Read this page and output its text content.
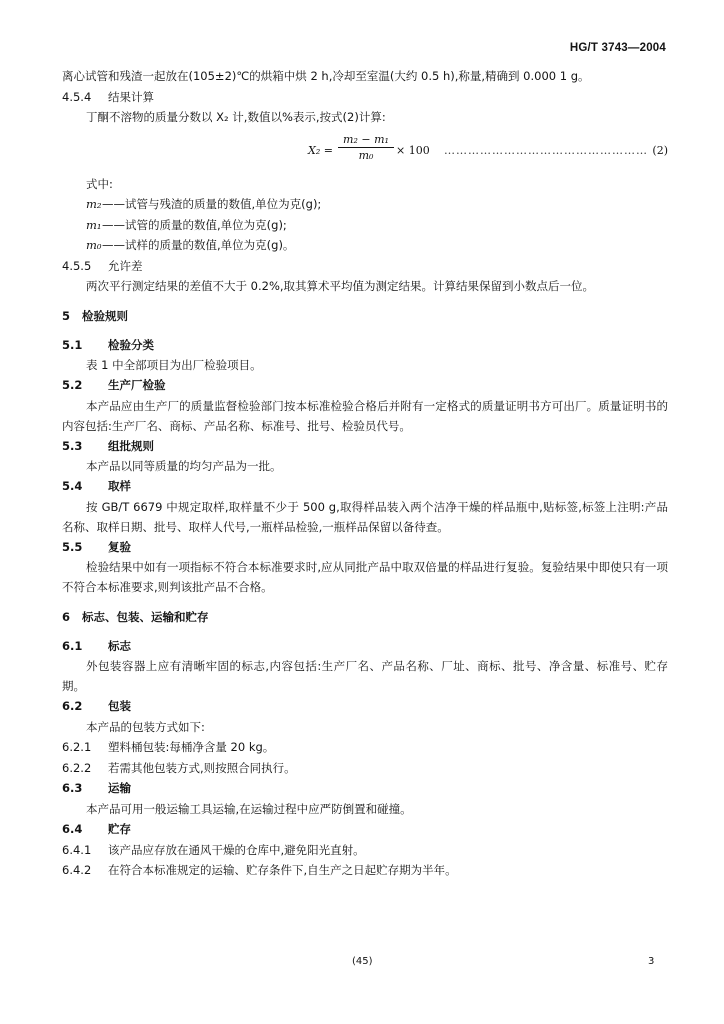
HG/T 3743—2004
离心试管和残渣一起放在(105±2)℃的烘箱中烘 2 h,冷却至室温(大约 0.5 h),称量,精确到 0.000 1 g。
4.5.4 结果计算
丁酮不溶物的质量分数以 X₂ 计,数值以%表示,按式(2)计算:
$X_2 = \frac{\text{m₂ − m₁}}{\text{m₀}} \times 100$ …………………………………………… (2)
式中:
m₂——试管与残渣的质量的数值,单位为克(g);
m₁——试管的质量的数值,单位为克(g);
m₀——试样的质量的数值,单位为克(g)。
4.5.5 允许差
两次平行测定结果的差值不大于 0.2%,取其算术平均值为测定结果。计算结果保留到小数点后一位。
5 检验规则
5.1 检验分类
表 1 中全部项目为出厂检验项目。
5.2 生产厂检验
本产品应由生产厂的质量监督检验部门按本标准检验合格后并附有一定格式的质量证明书方可出厂。质量证明书的内容包括:生产厂名、商标、产品名称、标准号、批号、检验员代号。
5.3 组批规则
本产品以同等质量的均匀产品为一批。
5.4 取样
按 GB/T 6679 中规定取样,取样量不少于 500 g,取得样品装入两个洁净干燥的样品瓶中,贴标签,标签上注明:产品名称、取样日期、批号、取样人代号,一瓶样品检验,一瓶样品保留以备待查。
5.5 复验
检验结果中如有一项指标不符合本标准要求时,应从同批产品中取双倍量的样品进行复验。复验结果中即使只有一项不符合本标准要求,则判该批产品不合格。
6 标志、包装、运输和贮存
6.1 标志
外包装容器上应有清晰牢固的标志,内容包括:生产厂名、产品名称、厂址、商标、批号、净含量、标准号、贮存期。
6.2 包装
本产品的包装方式如下:
6.2.1 塑料桶包装:每桶净含量 20 kg。
6.2.2 若需其他包装方式,则按照合同执行。
6.3 运输
本产品可用一般运输工具运输,在运输过程中应严防倒置和碰撞。
6.4 贮存
6.4.1 该产品应存放在通风干燥的仓库中,避免阳光直射。
6.4.2 在符合本标准规定的运输、贮存条件下,自生产之日起贮存期为半年。
(45)	3
